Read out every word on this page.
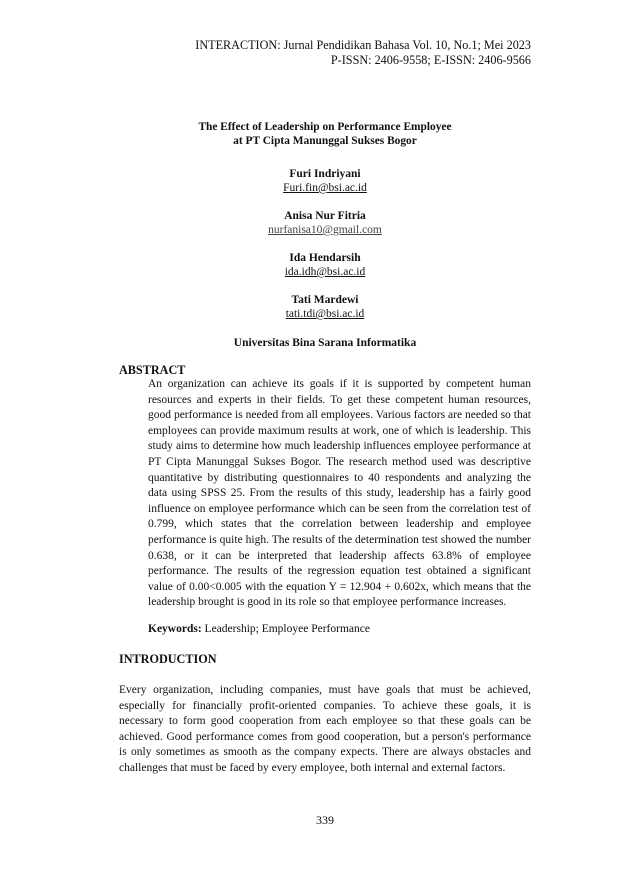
INTERACTION: Jurnal Pendidikan Bahasa Vol. 10, No.1; Mei 2023
P-ISSN: 2406-9558; E-ISSN: 2406-9566
The Effect of Leadership on Performance Employee
at PT Cipta Manunggal Sukses Bogor
Furi Indriyani
Furi.fin@bsi.ac.id
Anisa Nur Fitria
nurfanisa10@gmail.com
Ida Hendarsih
ida.idh@bsi.ac.id
Tati Mardewi
tati.tdi@bsi.ac.id
Universitas Bina Sarana Informatika
ABSTRACT
An organization can achieve its goals if it is supported by competent human resources and experts in their fields. To get these competent human resources, good performance is needed from all employees. Various factors are needed so that employees can provide maximum results at work, one of which is leadership. This study aims to determine how much leadership influences employee performance at PT Cipta Manunggal Sukses Bogor. The research method used was descriptive quantitative by distributing questionnaires to 40 respondents and analyzing the data using SPSS 25. From the results of this study, leadership has a fairly good influence on employee performance which can be seen from the correlation test of 0.799, which states that the correlation between leadership and employee performance is quite high. The results of the determination test showed the number 0.638, or it can be interpreted that leadership affects 63.8% of employee performance. The results of the regression equation test obtained a significant value of 0.00<0.005 with the equation Y = 12.904 + 0.602x, which means that the leadership brought is good in its role so that employee performance increases.
Keywords: Leadership; Employee Performance
INTRODUCTION
Every organization, including companies, must have goals that must be achieved, especially for financially profit-oriented companies. To achieve these goals, it is necessary to form good cooperation from each employee so that these goals can be achieved. Good performance comes from good cooperation, but a person's performance is only sometimes as smooth as the company expects. There are always obstacles and challenges that must be faced by every employee, both internal and external factors.
339
